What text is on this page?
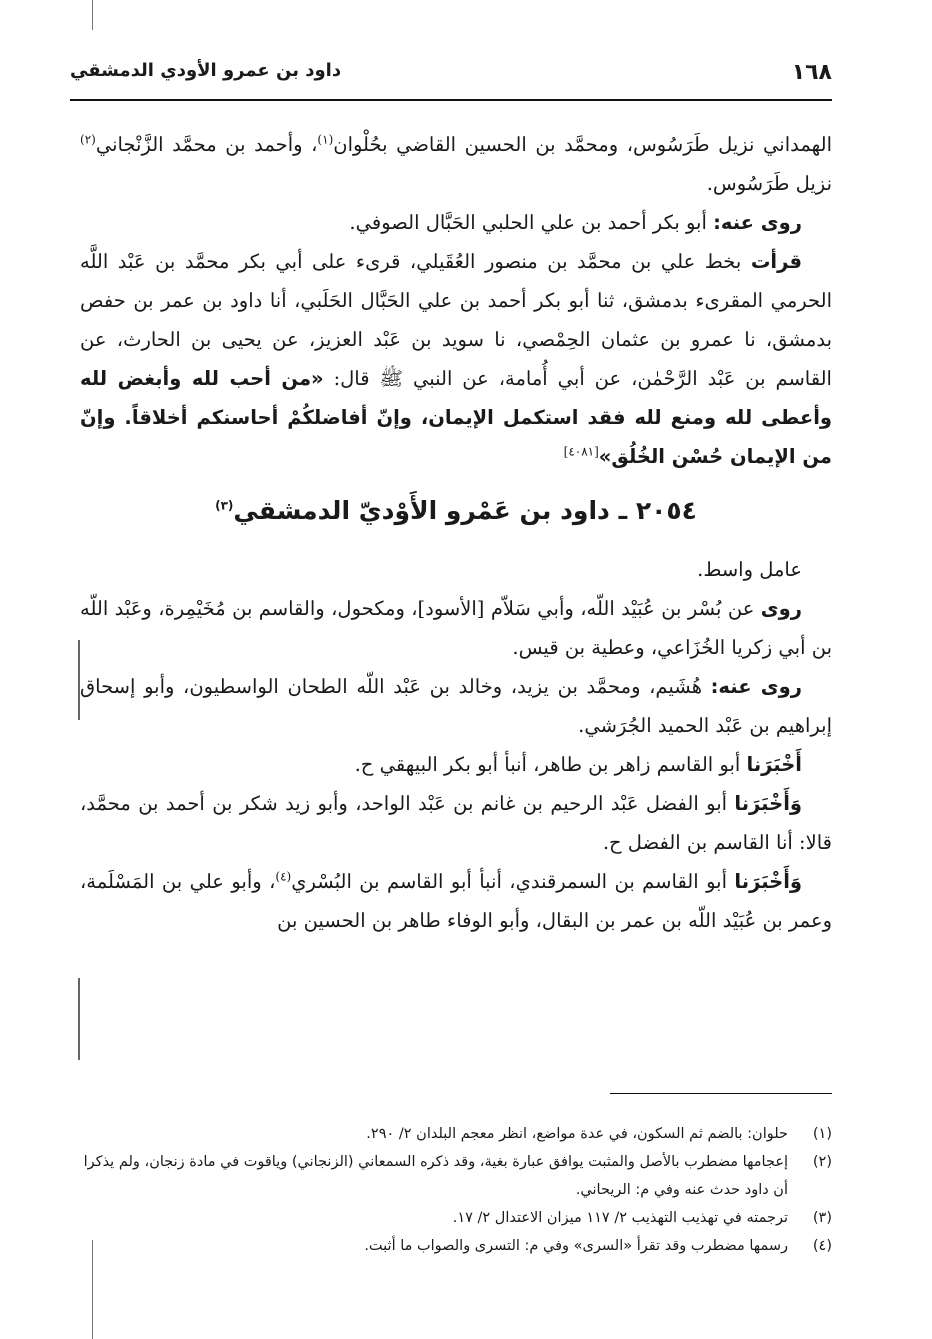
١٦٨
داود بن عمرو الأودي الدمشقي

الهمداني نزيل طَرَسُوس، ومحمَّد بن الحسين القاضي بحُلْوان$^{(١)}$، وأحمد بن محمَّد الزَّنْجاني$^{(٢)}$ نزيل طَرَسُوس.

روى عنه: أبو بكر أحمد بن علي الحلبي الحَبَّال الصوفي.

قرأت بخط علي بن محمَّد بن منصور العُقَيلي، قرىء على أبي بكر محمَّد بن عَبْد اللَّه الحرمي المقرىء بدمشق، ثنا أبو بكر أحمد بن علي الحَبَّال الحَلَبي، أنا داود بن عمر بن حفص بدمشق، نا عمرو بن عثمان الحِمْصي، نا سويد بن عَبْد العزيز، عن يحيى بن الحارث، عن القاسم بن عَبْد الرَّحْمٰن، عن أبي أُمامة، عن النبي ﷺ قال: «من أحب لله وأبغض لله وأعطى لله ومنع لله فقد استكمل الإيمان، وإنّ أفاضلكُمْ أحاسنكم أخلاقاً. وإنّ من الإيمان حُسْن الخُلُق»[٤٠٨١]

٢٠٥٤ ـ داود بن عَمْرو الأَوْديّ الدمشقي$^{(٣)}$

عامل واسط.

روى عن بُسْر بن عُبَيْد اللّه، وأبي سَلاّم [الأسود]، ومكحول، والقاسم بن مُخَيْمِرة، وعَبْد اللّه بن أبي زكريا الخُزَاعي، وعطية بن قيس.

روى عنه: هُشَيم، ومحمَّد بن يزيد، وخالد بن عَبْد اللّه الطحان الواسطيون، وأبو إسحاق إبراهيم بن عَبْد الحميد الجُرَشي.

أَخْبَرَنا أبو القاسم زاهر بن طاهر، أنبأ أبو بكر البيهقي ح.

وَأَخْبَرَنا أبو الفضل عَبْد الرحيم بن غانم بن عَبْد الواحد، وأبو زيد شكر بن أحمد بن محمَّد، قالا: أنا القاسم بن الفضل ح.

وَأَخْبَرَنا أبو القاسم بن السمرقندي، أنبأ أبو القاسم بن البُسْري$^{(٤)}$، وأبو علي بن المَسْلَمة، وعمر بن عُبَيْد اللّه بن عمر بن البقال، وأبو الوفاء طاهر بن الحسين بن

(١)
حلوان: بالضم ثم السكون، في عدة مواضع، انظر معجم البلدان ٢/ ٢٩٠.
(٢)
إعجامها مضطرب بالأصل والمثبت يوافق عبارة بغية، وقد ذكره السمعاني (الزنجاني) وياقوت في مادة زنجان، ولم يذكرا أن داود حدث عنه وفي م: الريحاني.
(٣)
ترجمته في تهذيب التهذيب ٢/ ١١٧ ميزان الاعتدال ٢/ ١٧.
(٤)
رسمها مضطرب وقد تقرأ «السرى» وفي م: التسرى والصواب ما أثبت.
